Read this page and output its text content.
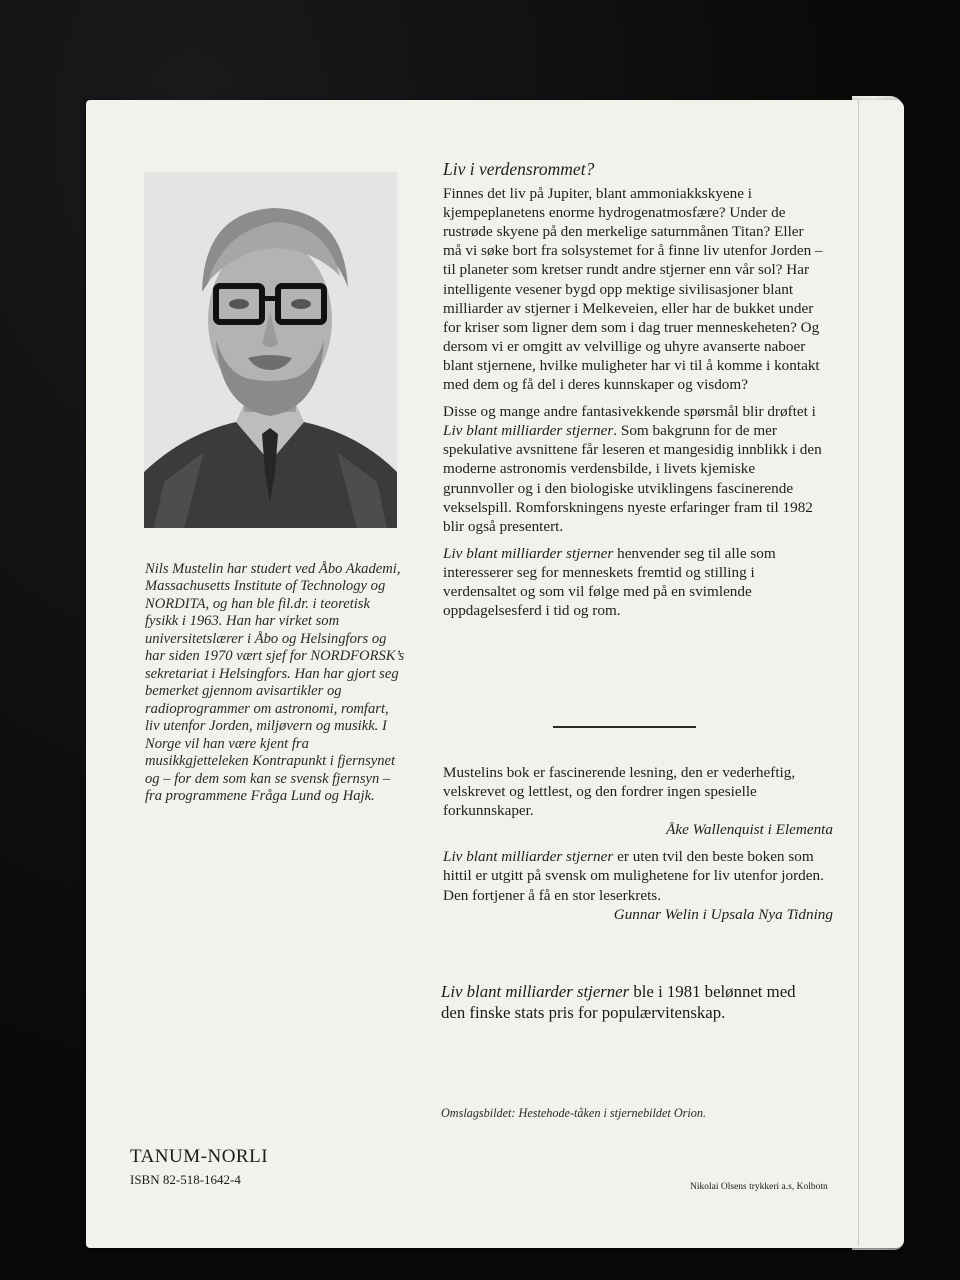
Nils Mustelin har studert ved Åbo Akademi, Massachusetts Institute of Technology og NORDITA, og han ble fil.dr. i teoretisk fysikk i 1963. Han har virket som universitetslærer i Åbo og Helsingfors og har siden 1970 vært sjef for NORDFORSK’s sekretariat i Helsingfors. Han har gjort seg bemerket gjennom avisartikler og radioprogrammer om astronomi, romfart, liv utenfor Jorden, miljøvern og musikk. I Norge vil han være kjent fra musikkgjetteleken Kontrapunkt i fjernsynet og – for dem som kan se svensk fjernsyn – fra programmene Fråga Lund og Hajk.

Liv i verdensrommet?

Finnes det liv på Jupiter, blant ammoniakkskyene i kjempeplanetens enorme hydrogenatmosfære? Under de rustrøde skyene på den merkelige saturnmånen Titan? Eller må vi søke bort fra solsystemet for å finne liv utenfor Jorden – til planeter som kretser rundt andre stjerner enn vår sol? Har intelligente vesener bygd opp mektige sivilisasjoner blant milliarder av stjerner i Melkeveien, eller har de bukket under for kriser som ligner dem som i dag truer menneskeheten? Og dersom vi er omgitt av velvillige og uhyre avanserte naboer blant stjernene, hvilke muligheter har vi til å komme i kontakt med dem og få del i deres kunnskaper og visdom?

Disse og mange andre fantasivekkende spørsmål blir drøftet i Liv blant milliarder stjerner. Som bakgrunn for de mer spekulative avsnittene får leseren et mangesidig innblikk i den moderne astronomis verdensbilde, i livets kjemiske grunnvoller og i den biologiske utviklingens fascinerende vekselspill. Romforskningens nyeste erfaringer fram til 1982 blir også presentert.

Liv blant milliarder stjerner henvender seg til alle som interesserer seg for menneskets fremtid og stilling i verdensaltet og som vil følge med på en svimlende oppdagelsesferd i tid og rom.

Mustelins bok er fascinerende lesning, den er vederheftig, velskrevet og lettlest, og den fordrer ingen spesielle forkunnskaper.

Åke Wallenquist i Elementa

Liv blant milliarder stjerner er uten tvil den beste boken som hittil er utgitt på svensk om mulighetene for liv utenfor jorden. Den fortjener å få en stor leserkrets.

Gunnar Welin i Upsala Nya Tidning

Liv blant milliarder stjerner ble i 1981 belønnet med den finske stats pris for populærvitenskap.

Omslagsbildet: Hestehode-tåken i stjernebildet Orion.

TANUM-NORLI
ISBN 82-518-1642-4	Nikolai Olsens trykkeri a.s, Kolbotn
